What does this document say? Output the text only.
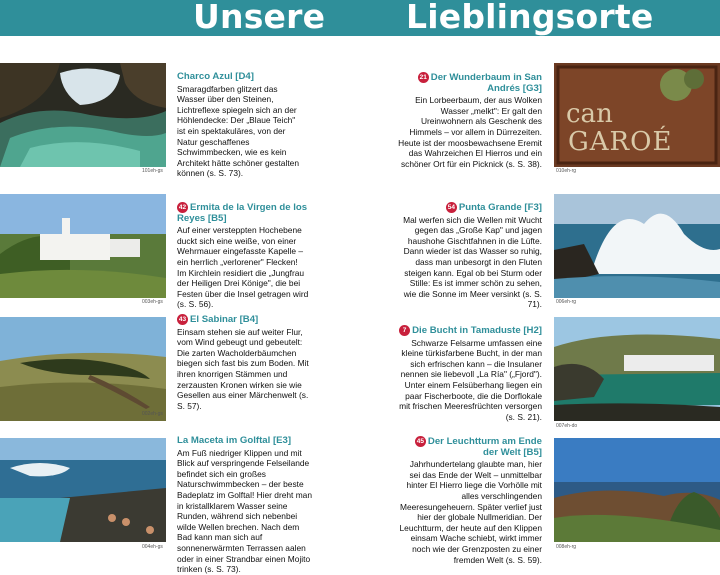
Unsere Lieblingsorte
101eh-gs
Charco Azul [D4]
Smaragdfarben glitzert das Wasser über den Steinen, Lichtreflexe spiegeln sich an der Höhlendecke: Der „Blaue Teich" ist ein spektakuläres, von der Natur geschaffenes Schwimmbecken, wie es kein Architekt hätte schöner gestalten können (s. S. 73).
21 Der Wunderbaum in San Andrés [G3]
Ein Lorbeerbaum, der aus Wolken Wasser „melkt": Er galt den Ureinwohnern als Geschenk des Himmels – vor allem in Dürrezeiten. Heute ist der moosbewachsene Eremit das Wahrzeichen El Hierros und ein schöner Ort für ein Picknick (s. S. 38).
can
GAROÉ
010eh-rg
003eh-gs
42 Ermita de la Virgen de los Reyes [B5]
Auf einer versteppten Hochebene duckt sich eine weiße, von einer Wehrmauer eingefasste Kapelle – ein herrlich „verlorener" Flecken! Im Kirchlein residiert die „Jungfrau der Heiligen Drei Könige", die bei Festen über die Insel getragen wird (s. S. 56).
54 Punta Grande [F3]
Mal werfen sich die Wellen mit Wucht gegen das „Große Kap" und jagen haushohe Gischtfahnen in die Lüfte. Dann wieder ist das Wasser so ruhig, dass man unbesorgt in den Fluten steigen kann. Egal ob bei Sturm oder Stille: Es ist immer schön zu sehen, wie die Sonne im Meer versinkt (s. S. 71).	006eh-rg
002eh-gs
43 El Sabinar [B4]
Einsam stehen sie auf weiter Flur, vom Wind gebeugt und gebeutelt: Die zarten Wacholderbäumchen biegen sich fast bis zum Boden. Mit ihren knorrigen Stämmen und zerzausten Kronen wirken sie wie Gesellen aus einer Märchenwelt (s. S. 57).
7 Die Bucht in Tamaduste [H2]
Schwarze Felsarme umfassen eine kleine türkisfarbene Bucht, in der man sich erfrischen kann – die Insulaner nennen sie liebevoll „La Ría" („Fjord"). Unter einem Felsüberhang liegen ein paar Fischerboote, die die Dorflokale mit frischen Meeresfrüchten versorgen (s. S. 21).
007eh-do
004eh-gs
La Maceta im Golftal [E3]
Am Fuß niedriger Klippen und mit Blick auf verspringende Felseilande befindet sich ein großes Naturschwimmbecken – der beste Badeplatz im Golftal! Hier dreht man in kristallklarem Wasser seine Runden, während sich nebenbei wilde Wellen brechen. Nach dem Bad kann man sich auf sonnenerwärmten Terrassen aalen oder in einer Strandbar einen Mojito trinken (s. S. 73).
45 Der Leuchtturm am Ende der Welt [B5]
Jahrhundertelang glaubte man, hier sei das Ende der Welt – unmittelbar hinter El Hierro liege die Vorhölle mit alles verschlingenden Meeresungeheuern. Später verlief just hier der globale Nullmeridian. Der Leuchtturm, der heute auf den Klippen einsam Wache schiebt, wirkt immer noch wie der Grenzposten zu einer fremden Welt (s. S. 59).
008eh-rg
